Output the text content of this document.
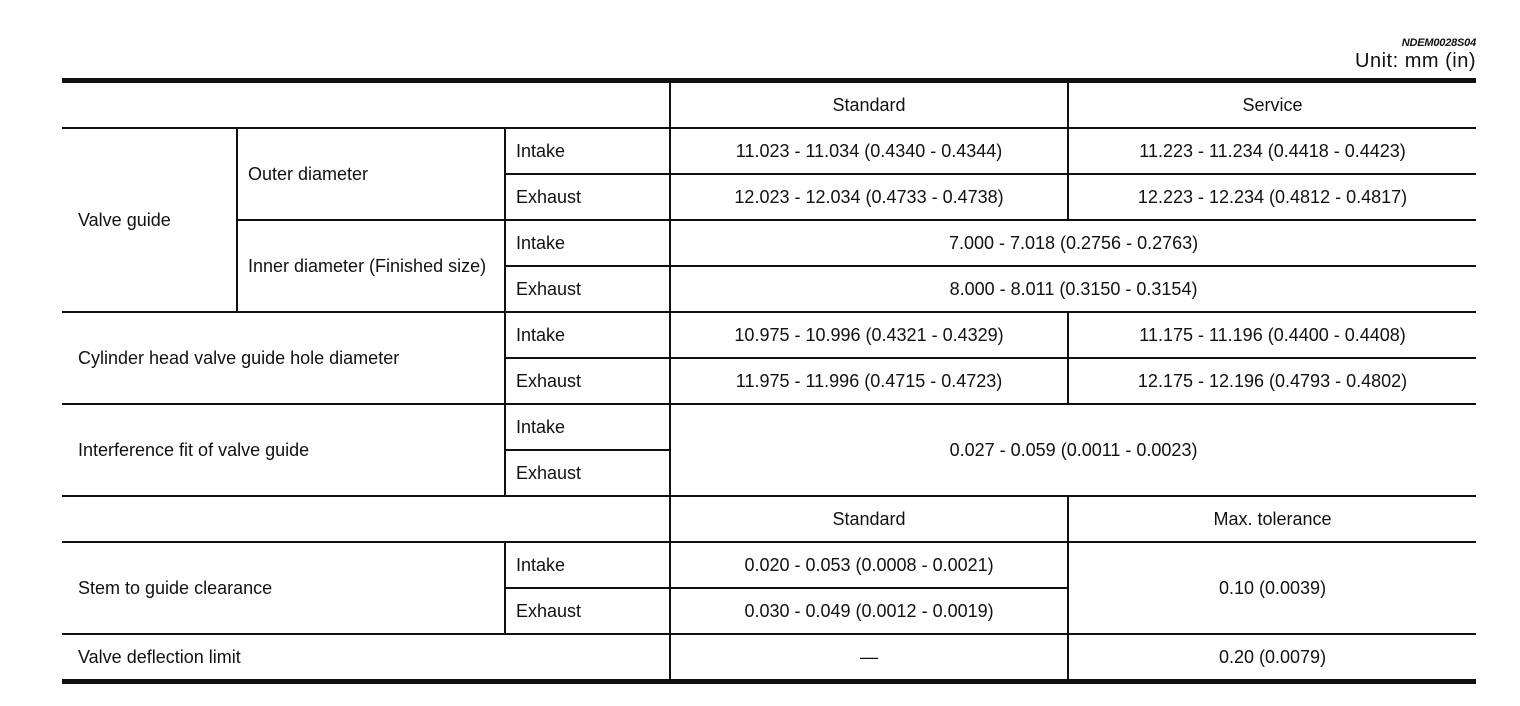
NDEM0028S04
Unit: mm (in)
			Standard	Service
Valve guide	Outer diameter	Intake	11.023 - 11.034 (0.4340 - 0.4344)	11.223 - 11.234 (0.4418 - 0.4423)
		Exhaust	12.023 - 12.034 (0.4733 - 0.4738)	12.223 - 12.234 (0.4812 - 0.4817)
	Inner diameter (Finished size)	Intake	7.000 - 7.018 (0.2756 - 0.2763)	
		Exhaust	8.000 - 8.011 (0.3150 - 0.3154)	
Cylinder head valve guide hole diameter		Intake	10.975 - 10.996 (0.4321 - 0.4329)	11.175 - 11.196 (0.4400 - 0.4408)
		Exhaust	11.975 - 11.996 (0.4715 - 0.4723)	12.175 - 12.196 (0.4793 - 0.4802)
Interference fit of valve guide		Intake	0.027 - 0.059 (0.0011 - 0.0023)	
		Exhaust		
			Standard	Max. tolerance
Stem to guide clearance		Intake	0.020 - 0.053 (0.0008 - 0.0021)	0.10 (0.0039)
		Exhaust	0.030 - 0.049 (0.0012 - 0.0019)	
Valve deflection limit			—	0.20 (0.0079)
